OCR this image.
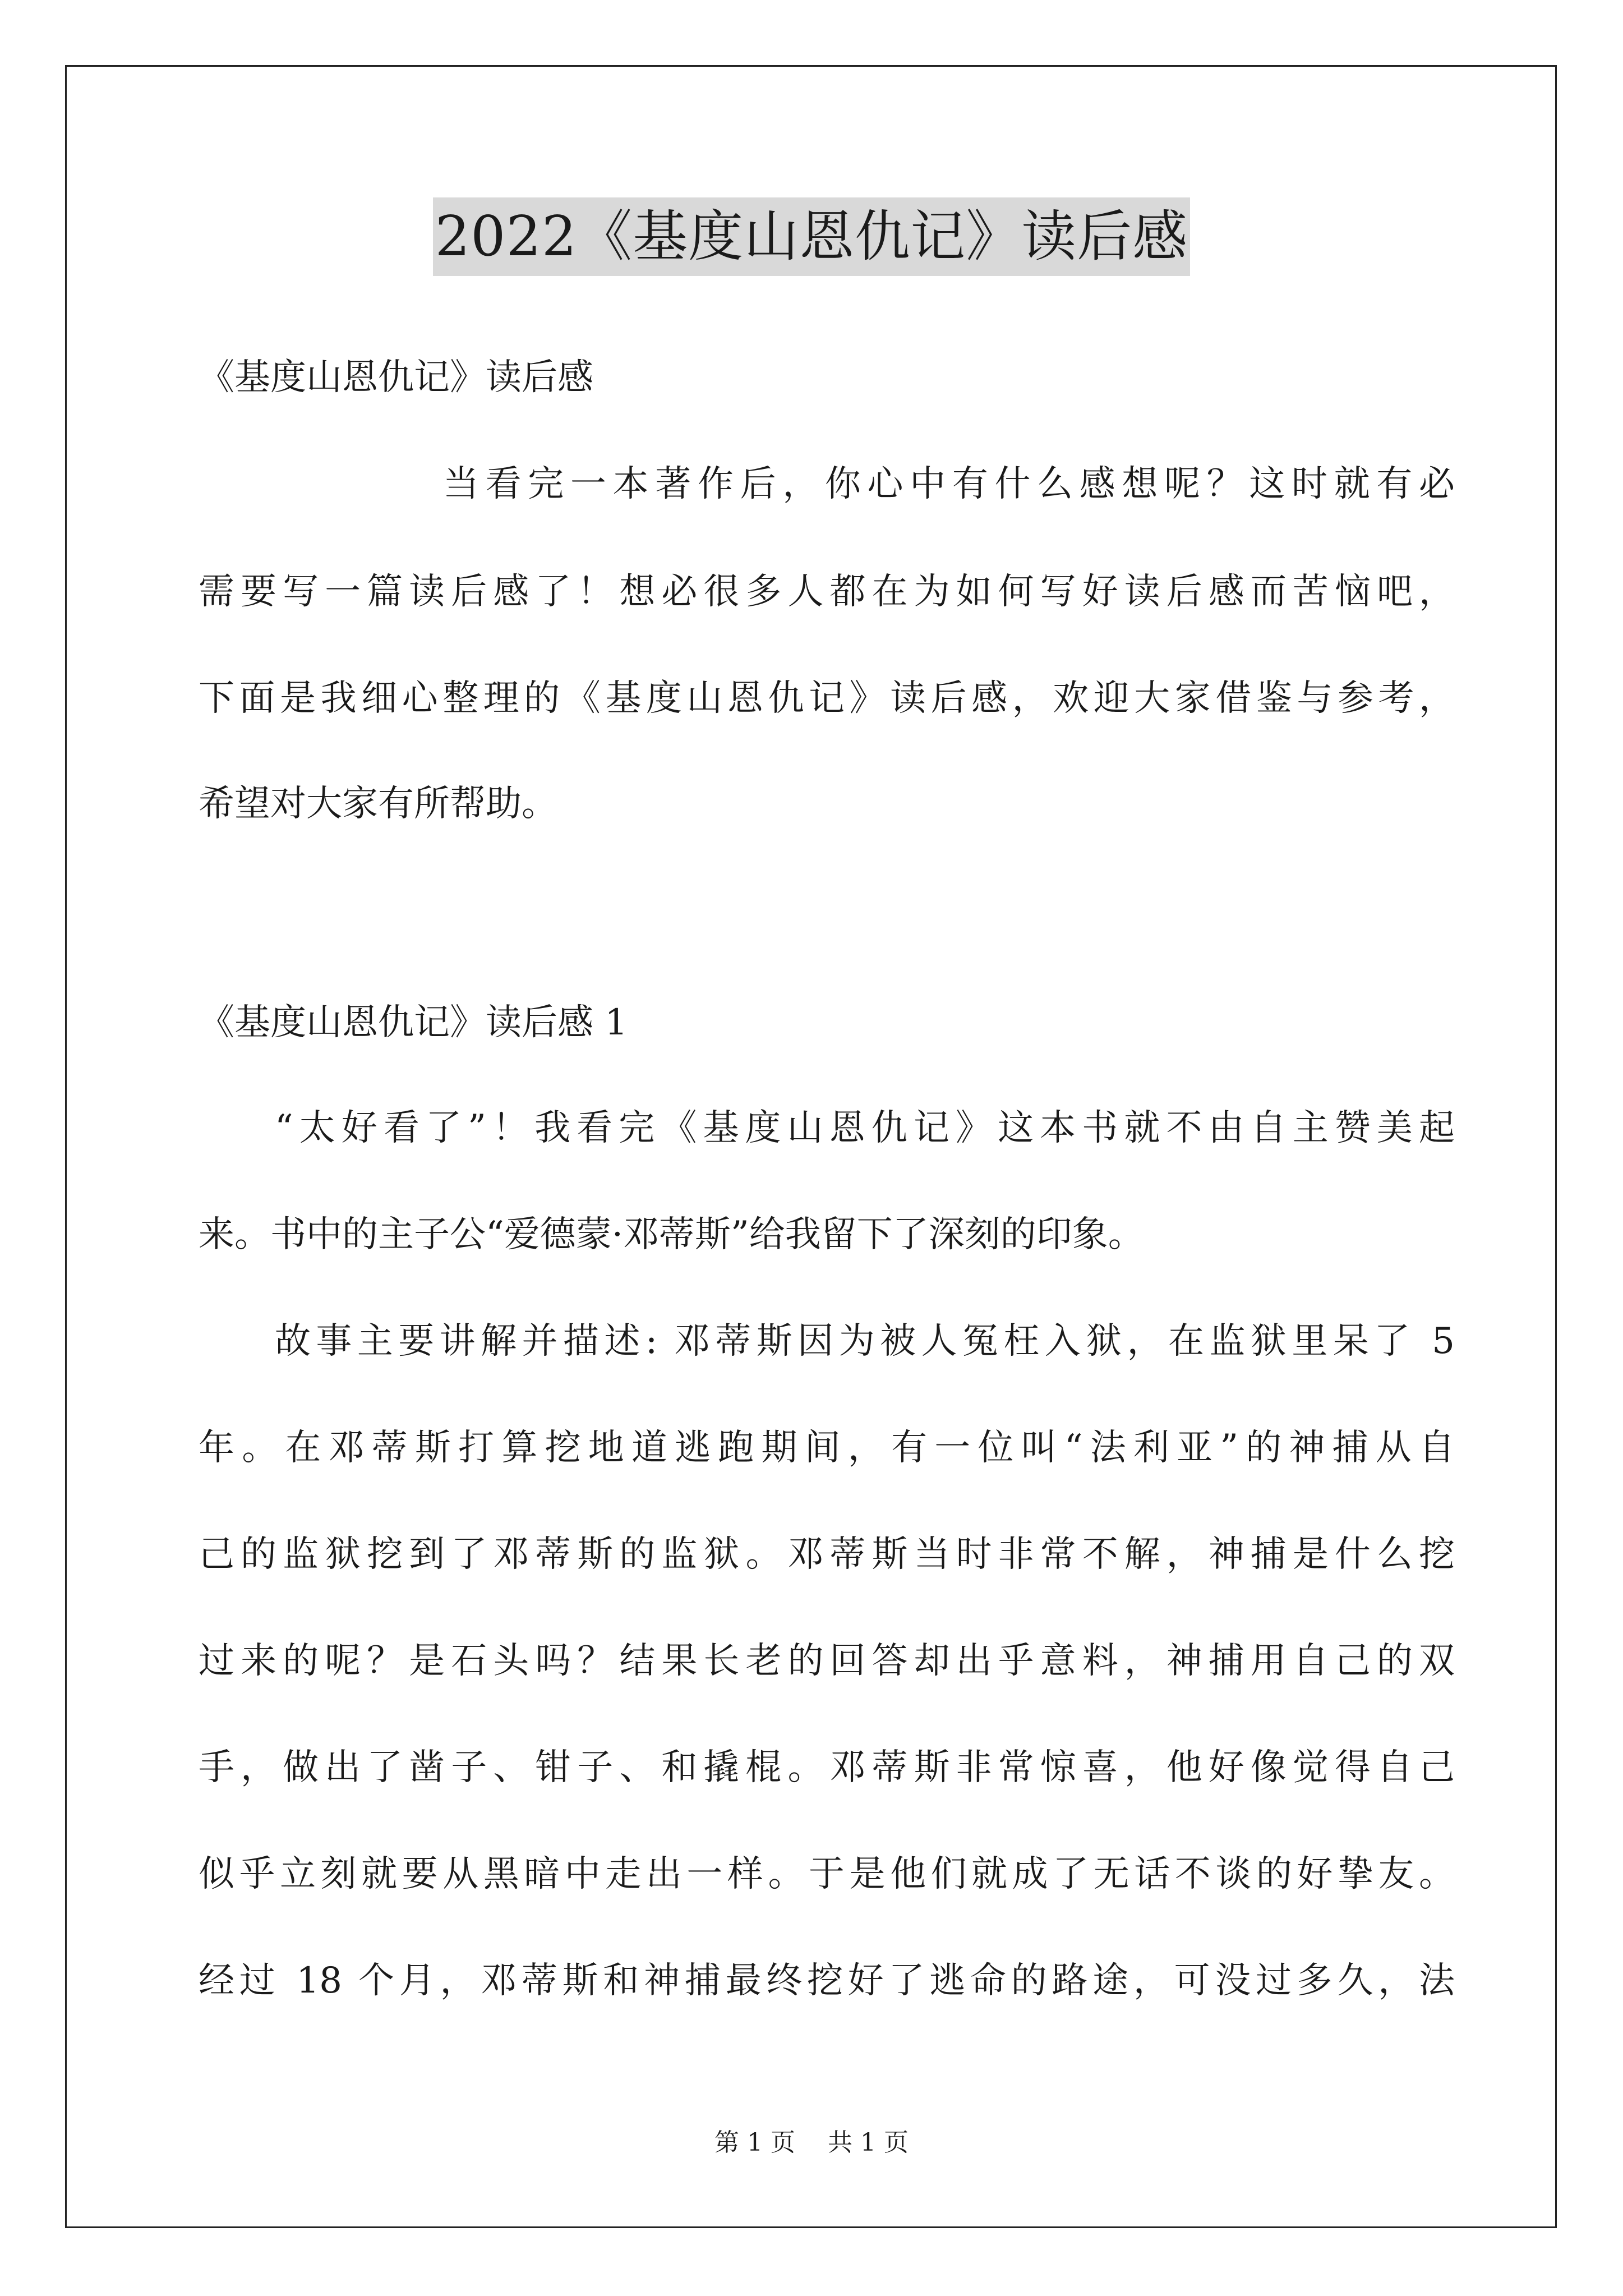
2022《基度山恩仇记》读后感
《基度山恩仇记》读后感
当看完一本著作后，你心中有什么感想呢？这时就有必
需要写一篇读后感了！想必很多人都在为如何写好读后感而苦恼吧，
下面是我细心整理的《基度山恩仇记》读后感，欢迎大家借鉴与参考，
希望对大家有所帮助。
《基度山恩仇记》读后感 1
“太好看了”！我看完《基度山恩仇记》这本书就不由自主赞美起
来。书中的主子公“爱德蒙·邓蒂斯”给我留下了深刻的印象。
故事主要讲解并描述: 邓蒂斯因为被人冤枉入狱，在监狱里呆了 5
年。在邓蒂斯打算挖地道逃跑期间，有一位叫“法利亚”的神捕从自
己的监狱挖到了邓蒂斯的监狱。邓蒂斯当时非常不解，神捕是什么挖
过来的呢？是石头吗？结果长老的回答却出乎意料，神捕用自己的双
手，做出了凿子、钳子、和撬棍。邓蒂斯非常惊喜，他好像觉得自己
似乎立刻就要从黑暗中走出一样。于是他们就成了无话不谈的好挚友。
经过 18 个月，邓蒂斯和神捕最终挖好了逃命的路途，可没过多久，法
第 1 页 共 1 页
